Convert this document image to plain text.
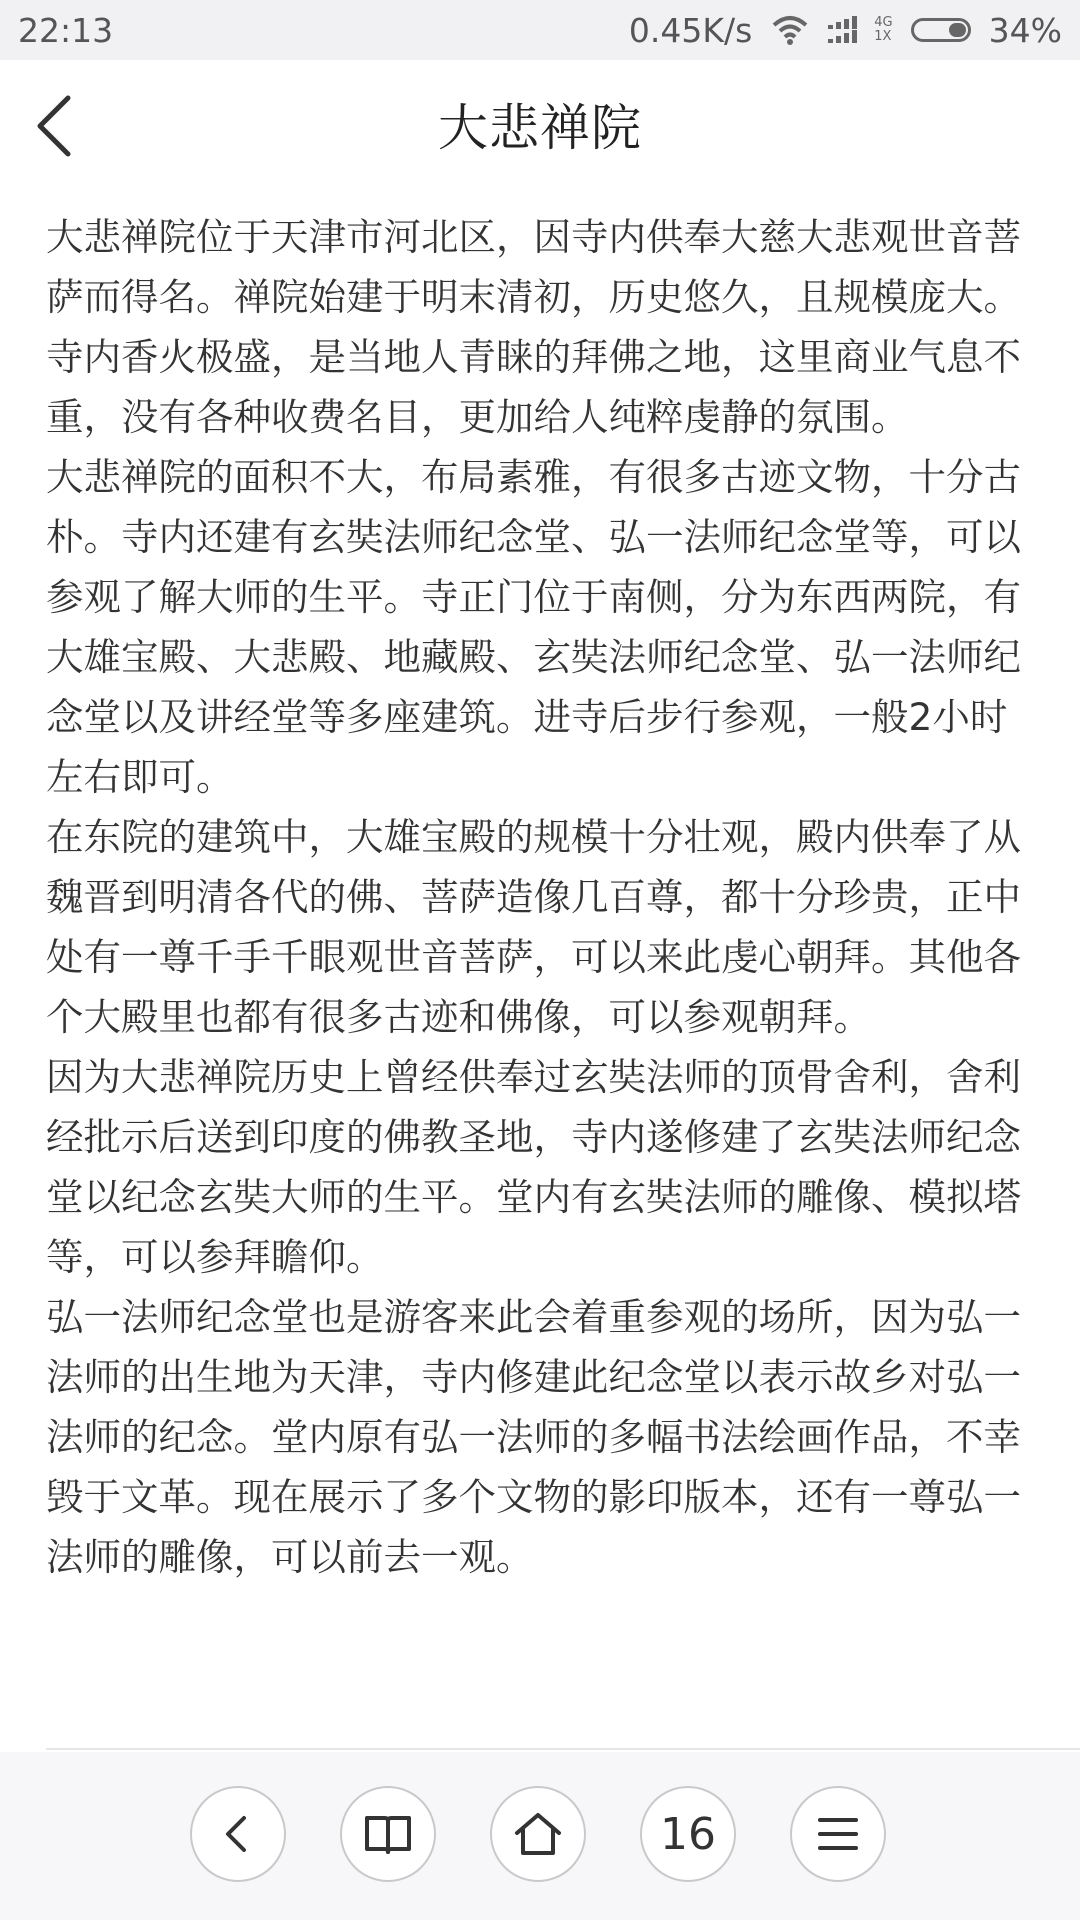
22:13	0.45K/s	4G
1X	34%
大悲禅院

大悲禅院位于天津市河北区，因寺内供奉大慈大悲观世音菩萨而得名。禅院始建于明末清初，历史悠久，且规模庞大。寺内香火极盛，是当地人青睐的拜佛之地，这里商业气息不重，没有各种收费名目，更加给人纯粹虔静的氛围。

大悲禅院的面积不大，布局素雅，有很多古迹文物，十分古朴。寺内还建有玄奘法师纪念堂、弘一法师纪念堂等，可以参观了解大师的生平。寺正门位于南侧，分为东西两院，有大雄宝殿、大悲殿、地藏殿、玄奘法师纪念堂、弘一法师纪念堂以及讲经堂等多座建筑。进寺后步行参观，一般2小时左右即可。

在东院的建筑中，大雄宝殿的规模十分壮观，殿内供奉了从魏晋到明清各代的佛、菩萨造像几百尊，都十分珍贵，正中处有一尊千手千眼观世音菩萨，可以来此虔心朝拜。其他各个大殿里也都有很多古迹和佛像，可以参观朝拜。

因为大悲禅院历史上曾经供奉过玄奘法师的顶骨舍利，舍利经批示后送到印度的佛教圣地，寺内遂修建了玄奘法师纪念堂以纪念玄奘大师的生平。堂内有玄奘法师的雕像、模拟塔等，可以参拜瞻仰。

弘一法师纪念堂也是游客来此会着重参观的场所，因为弘一法师的出生地为天津，寺内修建此纪念堂以表示故乡对弘一法师的纪念。堂内原有弘一法师的多幅书法绘画作品，不幸毁于文革。现在展示了多个文物的影印版本，还有一尊弘一法师的雕像，可以前去一观。

16
